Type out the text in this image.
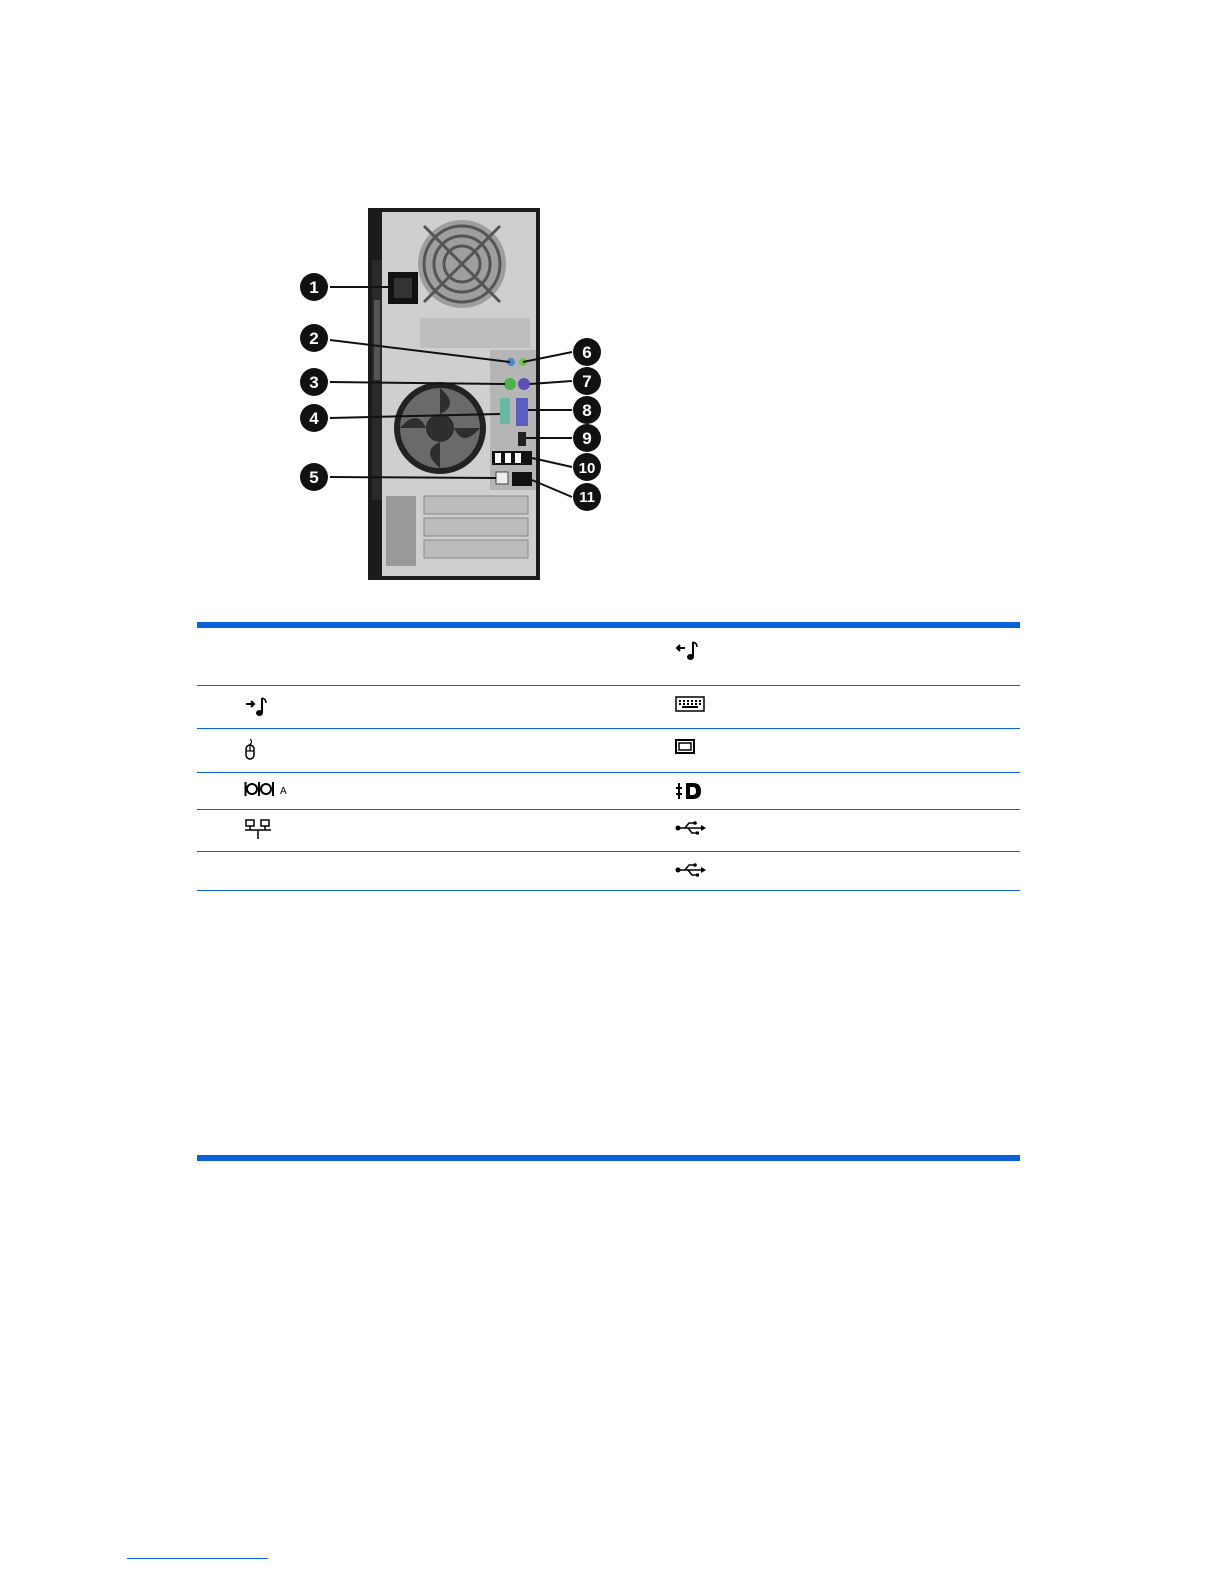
1
2
3
4
5
6
7
8
9
10
11
A
